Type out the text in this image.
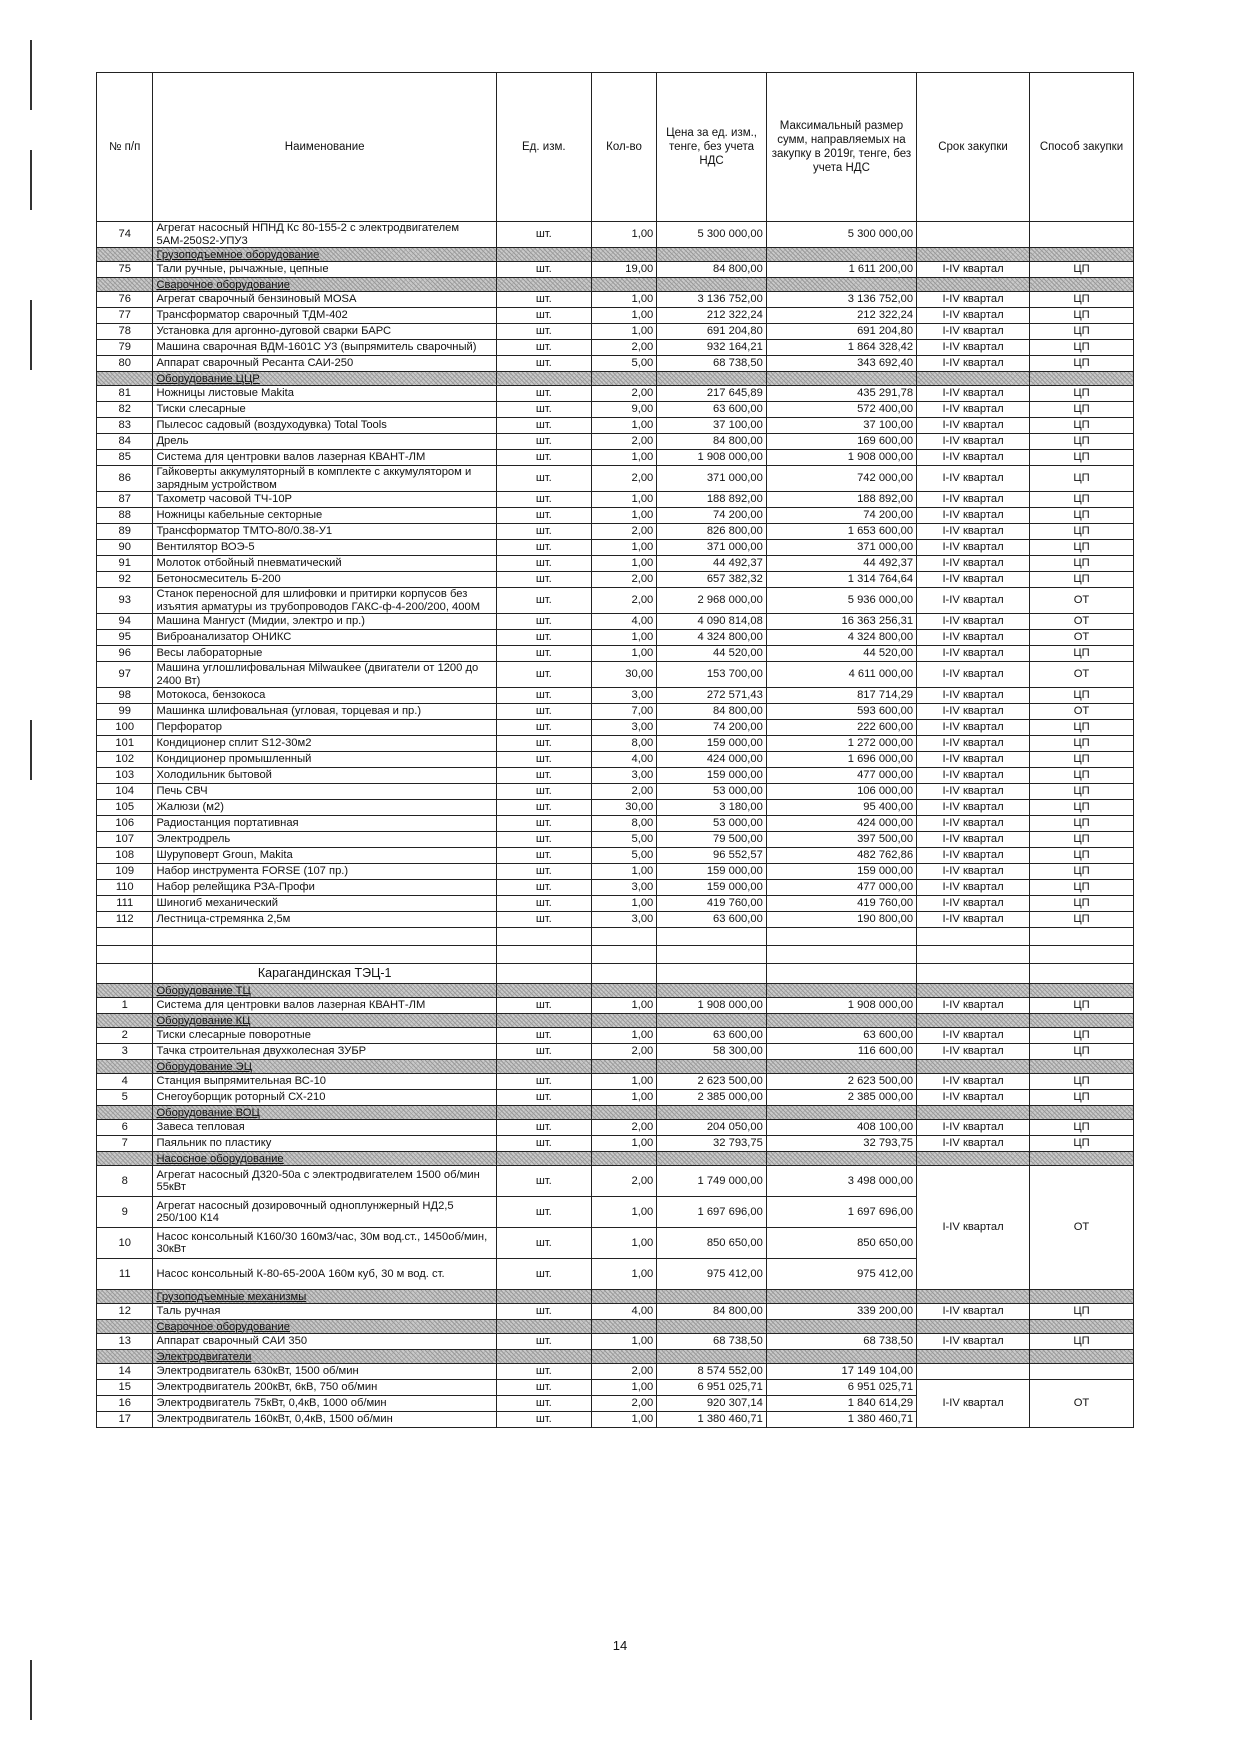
№ п/п	Наименование	Ед. изм.	Кол-во	Цена за ед. изм., тенге, без учета НДС	Максимальный размер сумм, направляемых на закупку в 2019г, тенге, без учета НДС	Срок закупки	Способ закупки
74	Агрегат насосный НПНД Кс 80-155-2 с электродвигателем 5АМ-250S2-УПУ3	шт.	1,00	5 300 000,00	5 300 000,00		
	Грузоподъемное оборудование						
75	Тали ручные, рычажные, цепные	шт.	19,00	84 800,00	1 611 200,00	I-IV квартал	ЦП
	Сварочное оборудование						
76	Агрегат сварочный бензиновый MOSA	шт.	1,00	3 136 752,00	3 136 752,00	I-IV квартал	ЦП
77	Трансформатор сварочный ТДМ-402	шт.	1,00	212 322,24	212 322,24	I-IV квартал	ЦП
78	Установка для аргонно-дуговой сварки БАРС	шт.	1,00	691 204,80	691 204,80	I-IV квартал	ЦП
79	Машина сварочная ВДМ-1601С У3 (выпрямитель сварочный)	шт.	2,00	932 164,21	1 864 328,42	I-IV квартал	ЦП
80	Аппарат сварочный Ресанта САИ-250	шт.	5,00	68 738,50	343 692,40	I-IV квартал	ЦП
	Оборудование ЦЦР						
81	Ножницы листовые Makita	шт.	2,00	217 645,89	435 291,78	I-IV квартал	ЦП
82	Тиски слесарные	шт.	9,00	63 600,00	572 400,00	I-IV квартал	ЦП
83	Пылесос садовый (воздуходувка) Total Tools	шт.	1,00	37 100,00	37 100,00	I-IV квартал	ЦП
84	Дрель	шт.	2,00	84 800,00	169 600,00	I-IV квартал	ЦП
85	Система для центровки валов лазерная КВАНТ-ЛМ	шт.	1,00	1 908 000,00	1 908 000,00	I-IV квартал	ЦП
86	Гайковерты аккумуляторный в комплекте с аккумулятором и зарядным устройством	шт.	2,00	371 000,00	742 000,00	I-IV квартал	ЦП
87	Тахометр часовой ТЧ-10Р	шт.	1,00	188 892,00	188 892,00	I-IV квартал	ЦП
88	Ножницы кабельные секторные	шт.	1,00	74 200,00	74 200,00	I-IV квартал	ЦП
89	Трансформатор ТМТО-80/0.38-У1	шт.	2,00	826 800,00	1 653 600,00	I-IV квартал	ЦП
90	Вентилятор ВОЭ-5	шт.	1,00	371 000,00	371 000,00	I-IV квартал	ЦП
91	Молоток отбойный пневматический	шт.	1,00	44 492,37	44 492,37	I-IV квартал	ЦП
92	Бетоносмеситель Б-200	шт.	2,00	657 382,32	1 314 764,64	I-IV квартал	ЦП
93	Станок переносной для шлифовки и притирки корпусов без изъятия арматуры из трубопроводов ГАКС-ф-4-200/200, 400М	шт.	2,00	2 968 000,00	5 936 000,00	I-IV квартал	ОТ
94	Машина Мангуст (Мидии, электро и пр.)	шт.	4,00	4 090 814,08	16 363 256,31	I-IV квартал	ОТ
95	Виброанализатор ОНИКС	шт.	1,00	4 324 800,00	4 324 800,00	I-IV квартал	ОТ
96	Весы лабораторные	шт.	1,00	44 520,00	44 520,00	I-IV квартал	ЦП
97	Машина углошлифовальная Milwaukee (двигатели от 1200 до 2400 Вт)	шт.	30,00	153 700,00	4 611 000,00	I-IV квартал	ОТ
98	Мотокоса, бензокоса	шт.	3,00	272 571,43	817 714,29	I-IV квартал	ЦП
99	Машинка шлифовальная (угловая, торцевая и пр.)	шт.	7,00	84 800,00	593 600,00	I-IV квартал	ОТ
100	Перфоратор	шт.	3,00	74 200,00	222 600,00	I-IV квартал	ЦП
101	Кондиционер сплит S12-30м2	шт.	8,00	159 000,00	1 272 000,00	I-IV квартал	ЦП
102	Кондиционер промышленный	шт.	4,00	424 000,00	1 696 000,00	I-IV квартал	ЦП
103	Холодильник бытовой	шт.	3,00	159 000,00	477 000,00	I-IV квартал	ЦП
104	Печь СВЧ	шт.	2,00	53 000,00	106 000,00	I-IV квартал	ЦП
105	Жалюзи (м2)	шт.	30,00	3 180,00	95 400,00	I-IV квартал	ЦП
106	Радиостанция портативная	шт.	8,00	53 000,00	424 000,00	I-IV квартал	ЦП
107	Электродрель	шт.	5,00	79 500,00	397 500,00	I-IV квартал	ЦП
108	Шуруповерт Groun, Makita	шт.	5,00	96 552,57	482 762,86	I-IV квартал	ЦП
109	Набор инструмента FORSE (107 пр.)	шт.	1,00	159 000,00	159 000,00	I-IV квартал	ЦП
110	Набор релейщика РЗА-Профи	шт.	3,00	159 000,00	477 000,00	I-IV квартал	ЦП
111	Шиногиб механический	шт.	1,00	419 760,00	419 760,00	I-IV квартал	ЦП
112	Лестница-стремянка 2,5м	шт.	3,00	63 600,00	190 800,00	I-IV квартал	ЦП

	Карагандинская ТЭЦ-1						
	Оборудование ТЦ						
1	Система для центровки валов лазерная КВАНТ-ЛМ	шт.	1,00	1 908 000,00	1 908 000,00	I-IV квартал	ЦП
	Оборудование КЦ						
2	Тиски слесарные поворотные	шт.	1,00	63 600,00	63 600,00	I-IV квартал	ЦП
3	Тачка строительная двухколесная ЗУБР	шт.	2,00	58 300,00	116 600,00	I-IV квартал	ЦП
	Оборудование ЭЦ						
4	Станция выпрямительная ВС-10	шт.	1,00	2 623 500,00	2 623 500,00	I-IV квартал	ЦП
5	Снегоуборщик роторный СХ-210	шт.	1,00	2 385 000,00	2 385 000,00	I-IV квартал	ЦП
	Оборудование ВОЦ						
6	Завеса тепловая	шт.	2,00	204 050,00	408 100,00	I-IV квартал	ЦП
7	Паяльник по пластику	шт.	1,00	32 793,75	32 793,75	I-IV квартал	ЦП
	Насосное оборудование						
8	Агрегат насосный Д320-50а с электродвигателем 1500 об/мин 55кВт	шт.	2,00	1 749 000,00	3 498 000,00	I-IV квартал	ОТ
9	Агрегат насосный дозировочный одноплунжерный НД2,5 250/100 К14	шт.	1,00	1 697 696,00	1 697 696,00		
10	Насос консольный К160/30 160м3/час, 30м вод.ст., 1450об/мин, 30кВт	шт.	1,00	850 650,00	850 650,00		
11	Насос консольный К-80-65-200А 160м куб, 30 м вод. ст.	шт.	1,00	975 412,00	975 412,00		
	Грузоподъемные механизмы						
12	Таль ручная	шт.	4,00	84 800,00	339 200,00	I-IV квартал	ЦП
	Сварочное оборудование						
13	Аппарат сварочный САИ 350	шт.	1,00	68 738,50	68 738,50	I-IV квартал	ЦП
	Электродвигатели						
14	Электродвигатель 630кВт, 1500 об/мин	шт.	2,00	8 574 552,00	17 149 104,00		
15	Электродвигатель 200кВт, 6кВ, 750 об/мин	шт.	1,00	6 951 025,71	6 951 025,71	I-IV квартал	ОТ
16	Электродвигатель 75кВт, 0,4кВ, 1000 об/мин	шт.	2,00	920 307,14	1 840 614,29		
17	Электродвигатель 160кВт, 0,4кВ, 1500 об/мин	шт.	1,00	1 380 460,71	1 380 460,71		
14
